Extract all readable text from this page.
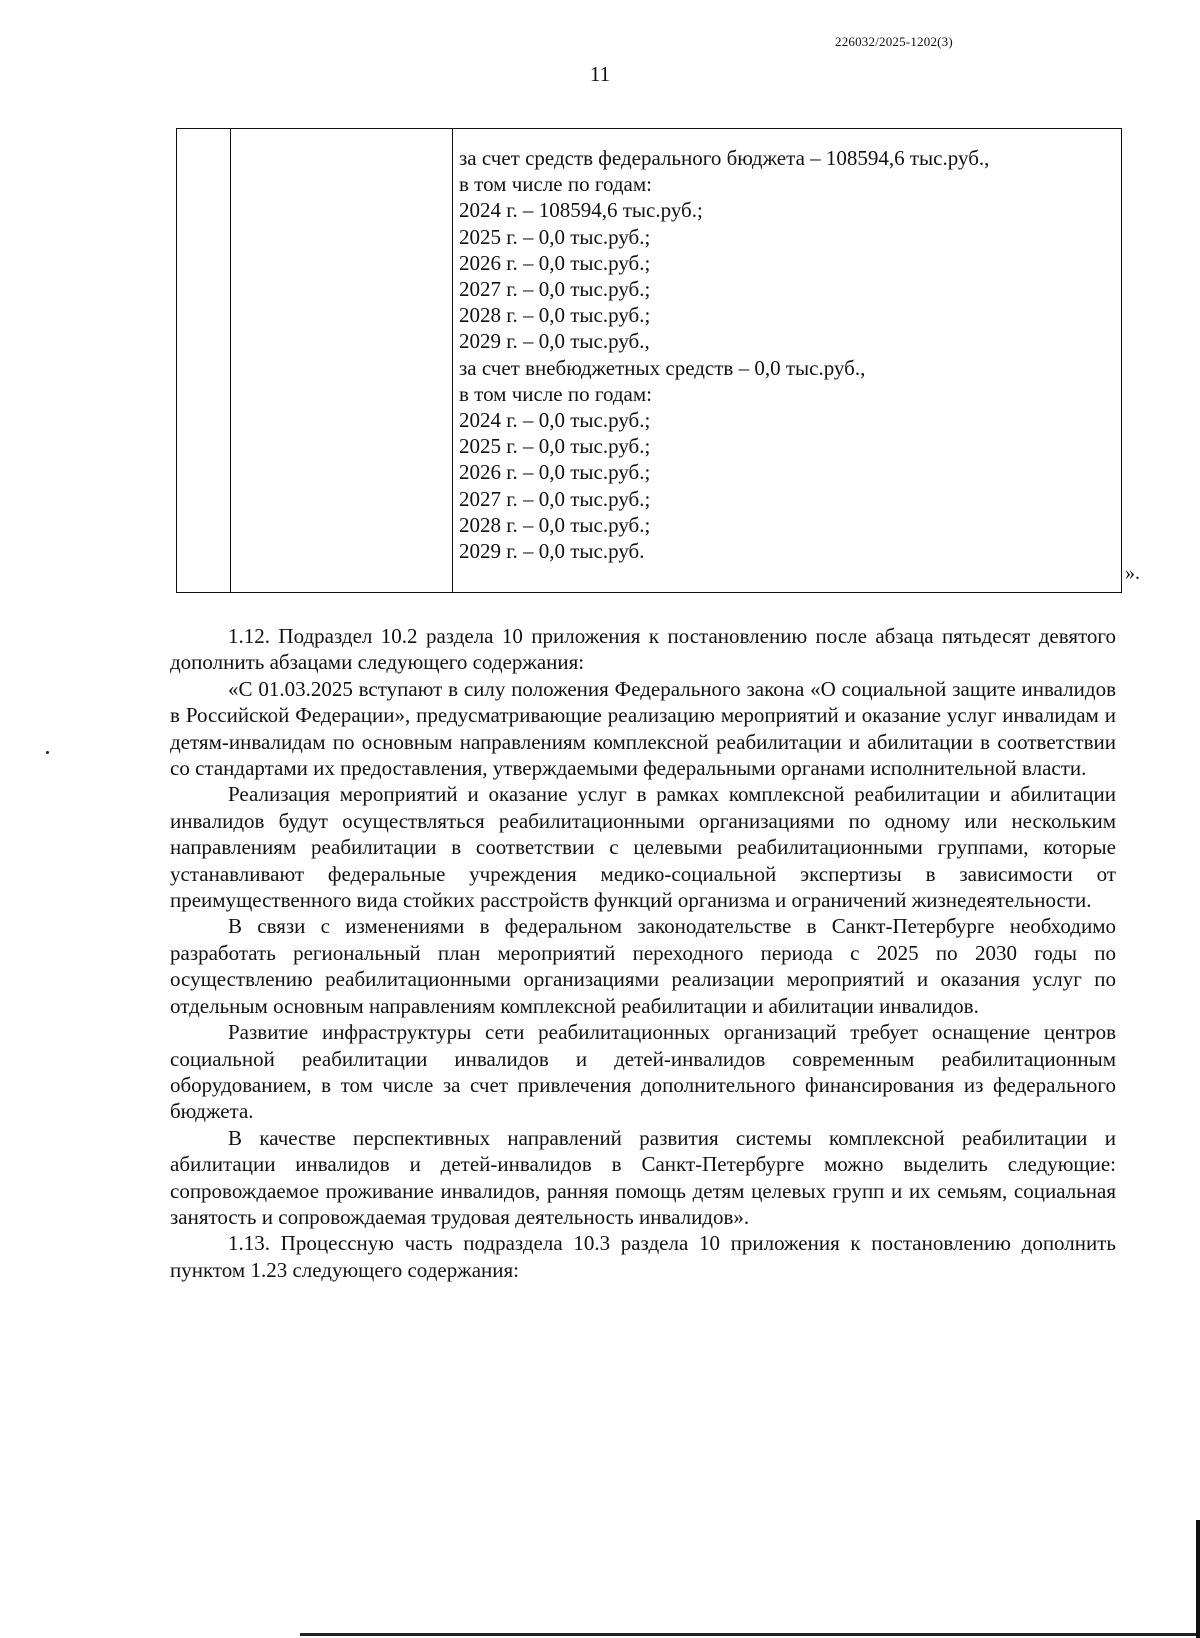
226032/2025-1202(3)
11
за счет средств федерального бюджета – 108594,6 тыс.руб.,
в том числе по годам:
2024 г. – 108594,6 тыс.руб.;
2025 г. – 0,0 тыс.руб.;
2026 г. – 0,0 тыс.руб.;
2027 г. – 0,0 тыс.руб.;
2028 г. – 0,0 тыс.руб.;
2029 г. – 0,0 тыс.руб.,
за счет внебюджетных средств – 0,0 тыс.руб.,
в том числе по годам:
2024 г. – 0,0 тыс.руб.;
2025 г. – 0,0 тыс.руб.;
2026 г. – 0,0 тыс.руб.;
2027 г. – 0,0 тыс.руб.;
2028 г. – 0,0 тыс.руб.;
2029 г. – 0,0 тыс.руб.
».

1.12. Подраздел 10.2 раздела 10 приложения к постановлению после абзаца пятьдесят девятого дополнить абзацами следующего содержания:

«С 01.03.2025 вступают в силу положения Федерального закона «О социальной защите инвалидов в Российской Федерации», предусматривающие реализацию мероприятий и оказание услуг инвалидам и детям-инвалидам по основным направлениям комплексной реабилитации и абилитации в соответствии со стандартами их предоставления, утверждаемыми федеральными органами исполнительной власти.

Реализация мероприятий и оказание услуг в рамках комплексной реабилитации и абилитации инвалидов будут осуществляться реабилитационными организациями по одному или нескольким направлениям реабилитации в соответствии с целевыми реабилитационными группами, которые устанавливают федеральные учреждения медико-социальной экспертизы в зависимости от преимущественного вида стойких расстройств функций организма и ограничений жизнедеятельности.

В связи с изменениями в федеральном законодательстве в Санкт-Петербурге необходимо разработать региональный план мероприятий переходного периода с 2025 по 2030 годы по осуществлению реабилитационными организациями реализации мероприятий и оказания услуг по отдельным основным направлениям комплексной реабилитации и абилитации инвалидов.

Развитие инфраструктуры сети реабилитационных организаций требует оснащение центров социальной реабилитации инвалидов и детей-инвалидов современным реабилитационным оборудованием, в том числе за счет привлечения дополнительного финансирования из федерального бюджета.

В качестве перспективных направлений развития системы комплексной реабилитации и абилитации инвалидов и детей-инвалидов в Санкт-Петербурге можно выделить следующие: сопровождаемое проживание инвалидов, ранняя помощь детям целевых групп и их семьям, социальная занятость и сопровождаемая трудовая деятельность инвалидов».

1.13. Процессную часть подраздела 10.3 раздела 10 приложения к постановлению дополнить пунктом 1.23 следующего содержания:
